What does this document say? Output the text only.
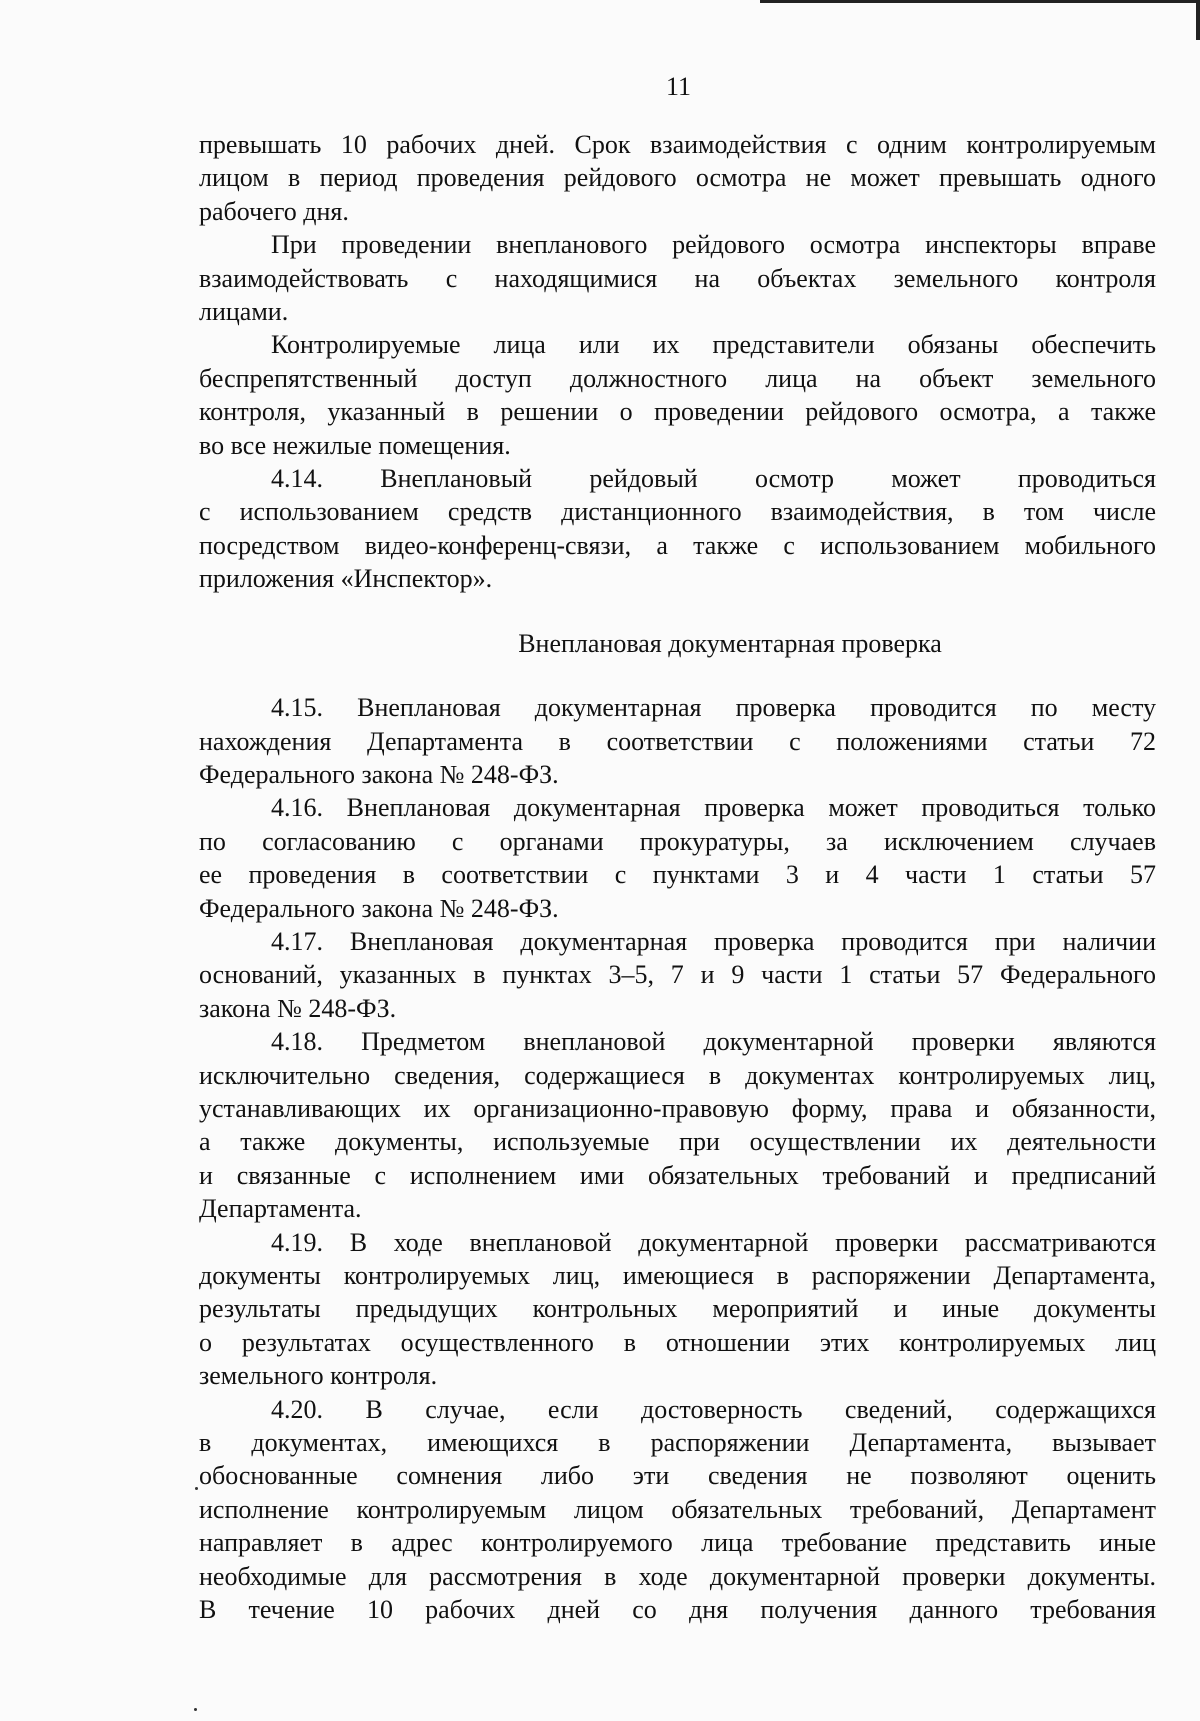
11

превышать 10 рабочих дней. Срок взаимодействия с одним контролируемым

лицом в период проведения рейдового осмотра не может превышать одного

рабочего дня.

При проведении внепланового рейдового осмотра инспекторы вправе

взаимодействовать с находящимися на объектах земельного контроля

лицами.

Контролируемые лица или их представители обязаны обеспечить

беспрепятственный доступ должностного лица на объект земельного

контроля, указанный в решении о проведении рейдового осмотра, а также

во все нежилые помещения.

4.14. Внеплановый рейдовый осмотр может проводиться

с использованием средств дистанционного взаимодействия, в том числе

посредством видео-конференц-связи, а также с использованием мобильного

приложения «Инспектор».

Внеплановая документарная проверка

4.15. Внеплановая документарная проверка проводится по месту

нахождения Департамента в соответствии с положениями статьи 72

Федерального закона № 248-ФЗ.

4.16. Внеплановая документарная проверка может проводиться только

по согласованию с органами прокуратуры, за исключением случаев

ее проведения в соответствии с пунктами 3 и 4 части 1 статьи 57

Федерального закона № 248-ФЗ.

4.17. Внеплановая документарная проверка проводится при наличии

оснований, указанных в пунктах 3–5, 7 и 9 части 1 статьи 57 Федерального

закона № 248-ФЗ.

4.18. Предметом внеплановой документарной проверки являются

исключительно сведения, содержащиеся в документах контролируемых лиц,

устанавливающих их организационно-правовую форму, права и обязанности,

а также документы, используемые при осуществлении их деятельности

и связанные с исполнением ими обязательных требований и предписаний

Департамента.

4.19. В ходе внеплановой документарной проверки рассматриваются

документы контролируемых лиц, имеющиеся в распоряжении Департамента,

результаты предыдущих контрольных мероприятий и иные документы

о результатах осуществленного в отношении этих контролируемых лиц

земельного контроля.

4.20. В случае, если достоверность сведений, содержащихся

в документах, имеющихся в распоряжении Департамента, вызывает

обоснованные сомнения либо эти сведения не позволяют оценить

исполнение контролируемым лицом обязательных требований, Департамент

направляет в адрес контролируемого лица требование представить иные

необходимые для рассмотрения в ходе документарной проверки документы.

В течение 10 рабочих дней со дня получения данного требования
